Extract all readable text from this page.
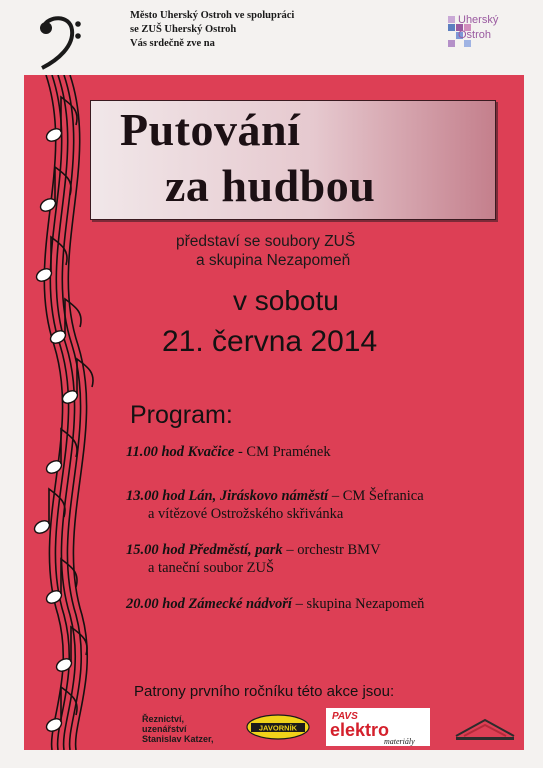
Město Uherský Ostroh ve spolupráci
se ZUŠ Uherský Ostroh
Vás srdečně zve na
Uherský
Ostroh
Putování
za hudbou
představí se soubory ZUŠ
a skupina Nezapomeň
v sobotu
21. června 2014
Program:
11.00 hod Kvačice - CM Pramének
13.00 hod Lán, Jiráskovo náměstí – CM Šefranica
a vítězové Ostrožského skřivánka
15.00 hod Předměstí, park – orchestr BMV
a taneční soubor ZUŠ
20.00 hod Zámecké nádvoří – skupina Nezapomeň
Patrony prvního ročníku této akce jsou:
Řeznictví,
uzenářství
Stanislav Katzer,
JAVORNÍK
PAVS
elektro
materiály
